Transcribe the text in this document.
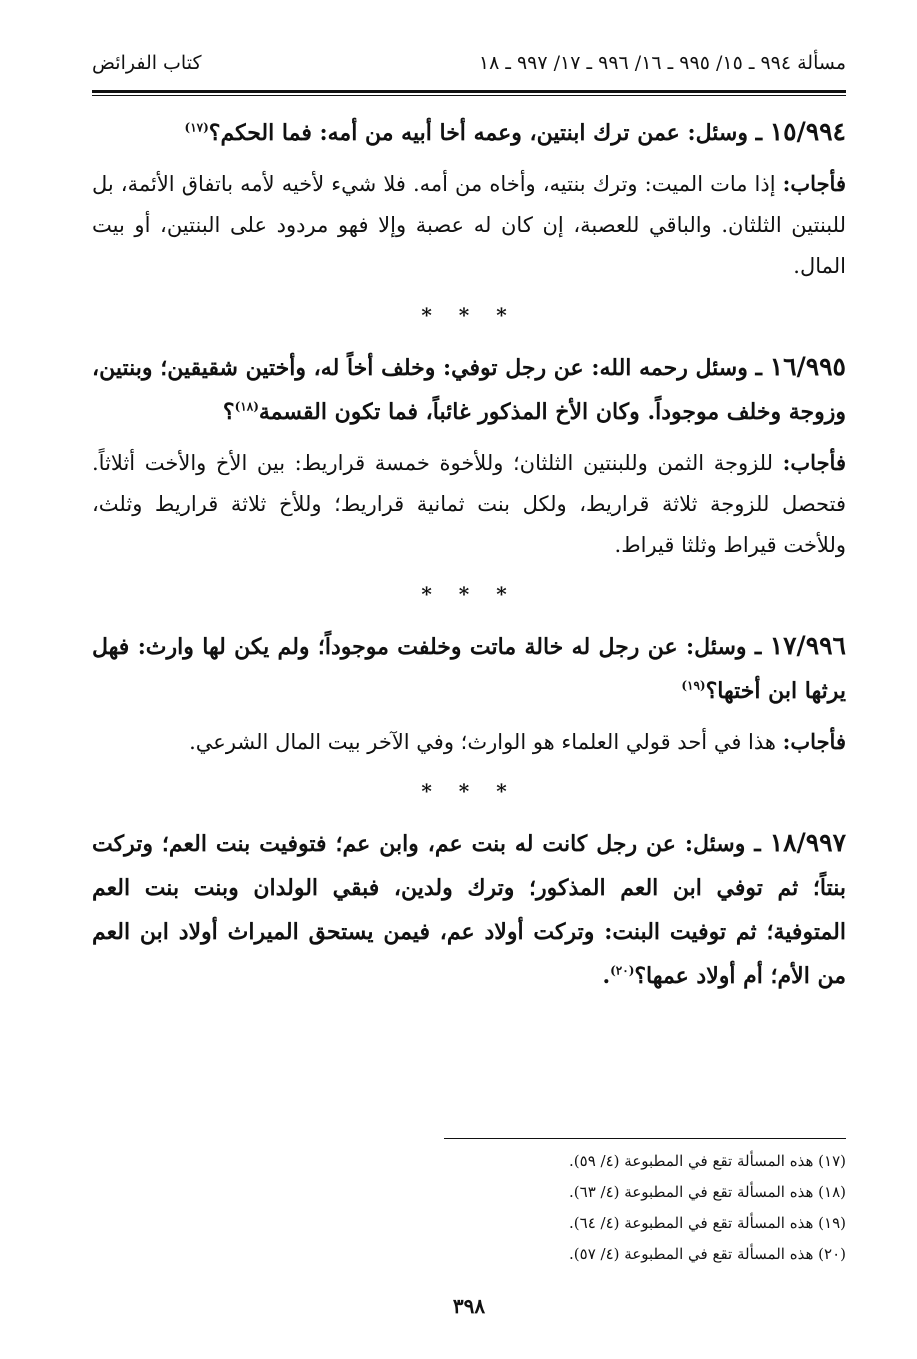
مسألة ٩٩٤ ـ ١٥/ ٩٩٥ ـ ١٦/ ٩٩٦ ـ ١٧/ ٩٩٧ ـ ١٨
كتاب الفرائض

١٥/٩٩٤ ـ وسئل: عمن ترك ابنتين، وعمه أخا أبيه من أمه: فما الحكم؟$^{(١٧)}$

فأجاب: إذا مات الميت: وترك بنتيه، وأخاه من أمه. فلا شيء لأخيه لأمه باتفاق الأئمة، بل للبنتين الثلثان. والباقي للعصبة، إن كان له عصبة وإلا فهو مردود على البنتين، أو بيت المال.

* * *

١٦/٩٩٥ ـ وسئل رحمه الله: عن رجل توفي: وخلف أخاً له، وأختين شقيقين؛ وبنتين، وزوجة وخلف موجوداً. وكان الأخ المذكور غائباً، فما تكون القسمة$^{(١٨)}$؟

فأجاب: للزوجة الثمن وللبنتين الثلثان؛ وللأخوة خمسة قراريط: بين الأخ والأخت أثلاثاً. فتحصل للزوجة ثلاثة قراريط، ولكل بنت ثمانية قراريط؛ وللأخ ثلاثة قراريط وثلث، وللأخت قيراط وثلثا قيراط.

* * *

١٧/٩٩٦ ـ وسئل: عن رجل له خالة ماتت وخلفت موجوداً؛ ولم يكن لها وارث: فهل يرثها ابن أختها؟$^{(١٩)}$

فأجاب: هذا في أحد قولي العلماء هو الوارث؛ وفي الآخر بيت المال الشرعي.

* * *

١٨/٩٩٧ ـ وسئل: عن رجل كانت له بنت عم، وابن عم؛ فتوفيت بنت العم؛ وتركت بنتاً؛ ثم توفي ابن العم المذكور؛ وترك ولدين، فبقي الولدان وبنت بنت العم المتوفية؛ ثم توفيت البنت: وتركت أولاد عم، فيمن يستحق الميراث أولاد ابن العم من الأم؛ أم أولاد عمها؟$^{(٢٠)}$.

(١٧) هذه المسألة تقع في المطبوعة (٤/ ٥٩).

(١٨) هذه المسألة تقع في المطبوعة (٤/ ٦٣).

(١٩) هذه المسألة تقع في المطبوعة (٤/ ٦٤).

(٢٠) هذه المسألة تقع في المطبوعة (٤/ ٥٧).

٣٩٨
